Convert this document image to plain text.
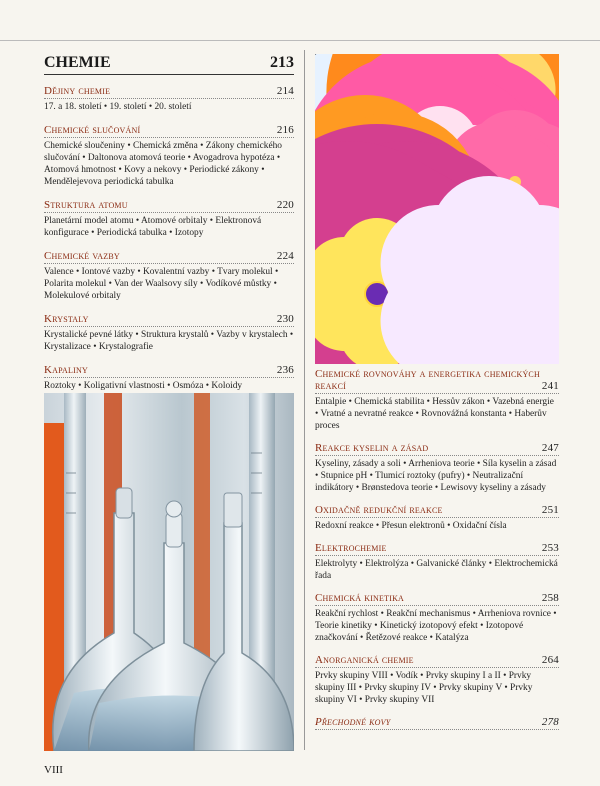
CHEMIE	213
Dějiny chemie	214
17. a 18. století • 19. století • 20. století
Chemické slučování	216
Chemické sloučeniny • Chemická změna • Zákony chemického slučování • Daltonova atomová teorie • Avogadrova hypotéza • Atomová hmotnost • Kovy a nekovy • Periodické zákony • Mendělejevova periodická tabulka
Struktura atomu	220
Planetární model atomu • Atomové orbitaly • Elektronová konfigurace • Periodická tabulka • Izotopy
Chemické vazby	224
Valence • Iontové vazby • Kovalentní vazby • Tvary molekul • Polarita molekul • Van der Waalsovy síly • Vodíkové můstky • Molekulové orbitaly
Krystaly	230
Krystalické pevné látky • Struktura krystalů • Vazby v krystalech • Krystalizace • Krystalografie
Kapaliny	236
Roztoky • Koligativní vlastnosti • Osmóza • Koloidy
Chemické rovnováhy a energetika chemických reakcí	241
Entalpie • Chemická stabilita • Hessův zákon • Vazebná energie • Vratné a nevratné reakce • Rovnovážná konstanta • Haberův proces
Reakce kyselin a zásad	247
Kyseliny, zásady a soli • Arrheniova teorie • Síla kyselin a zásad • Stupnice pH • Tlumicí roztoky (pufry) • Neutralizační indikátory • Brønstedova teorie • Lewisovy kyseliny a zásady
Oxidačně redukční reakce	251
Redoxní reakce • Přesun elektronů • Oxidační čísla
Elektrochemie	253
Elektrolyty • Elektrolýza • Galvanické články • Elektrochemická řada
Chemická kinetika	258
Reakční rychlost • Reakční mechanismus • Arrheniova rovnice • Teorie kinetiky • Kinetický izotopový efekt • Izotopové značkování • Řetězové reakce • Katalýza
Anorganická chemie	264
Prvky skupiny VIII • Vodík • Prvky skupiny I a II • Prvky skupiny III • Prvky skupiny IV • Prvky skupiny V • Prvky skupiny VI • Prvky skupiny VII
Přechodné kovy	278
VIII
